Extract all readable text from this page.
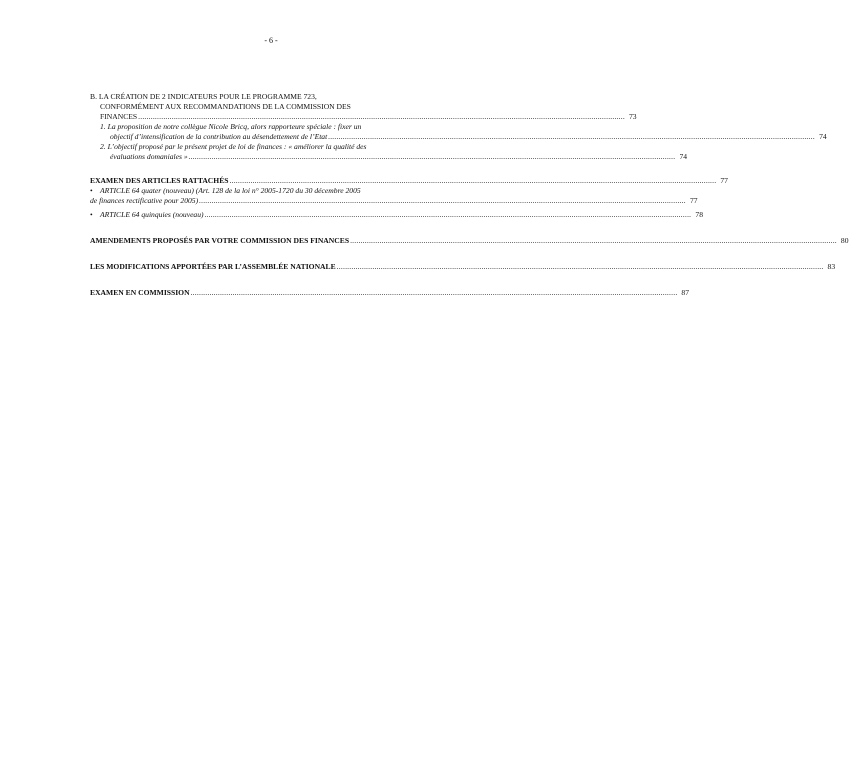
- 6 -
B. LA CRÉATION DE 2 INDICATEURS POUR LE PROGRAMME 723,
CONFORMÉMENT AUX RECOMMANDATIONS DE LA COMMISSION DES
FINANCES .....	73
1. La proposition de notre collègue Nicole Bricq, alors rapporteure spéciale : fixer un
objectif d’intensification de la contribution au désendettement de l’Etat .....	74
2. L’objectif proposé par le présent projet de loi de finances : « améliorer la qualité des
évaluations domaniales » .....	74
EXAMEN DES ARTICLES RATTACHÉS .....	77
• ARTICLE 64 quater (nouveau) (Art. 128 de la loi n° 2005-1720 du 30 décembre 2005
de finances rectificative pour 2005) .....	77
• ARTICLE 64 quinquies (nouveau) .....	78
AMENDEMENTS PROPOSÉS PAR VOTRE COMMISSION DES FINANCES .....	80
LES MODIFICATIONS APPORTÉES PAR L’ASSEMBLÉE NATIONALE .....	83
EXAMEN EN COMMISSION .....	87
